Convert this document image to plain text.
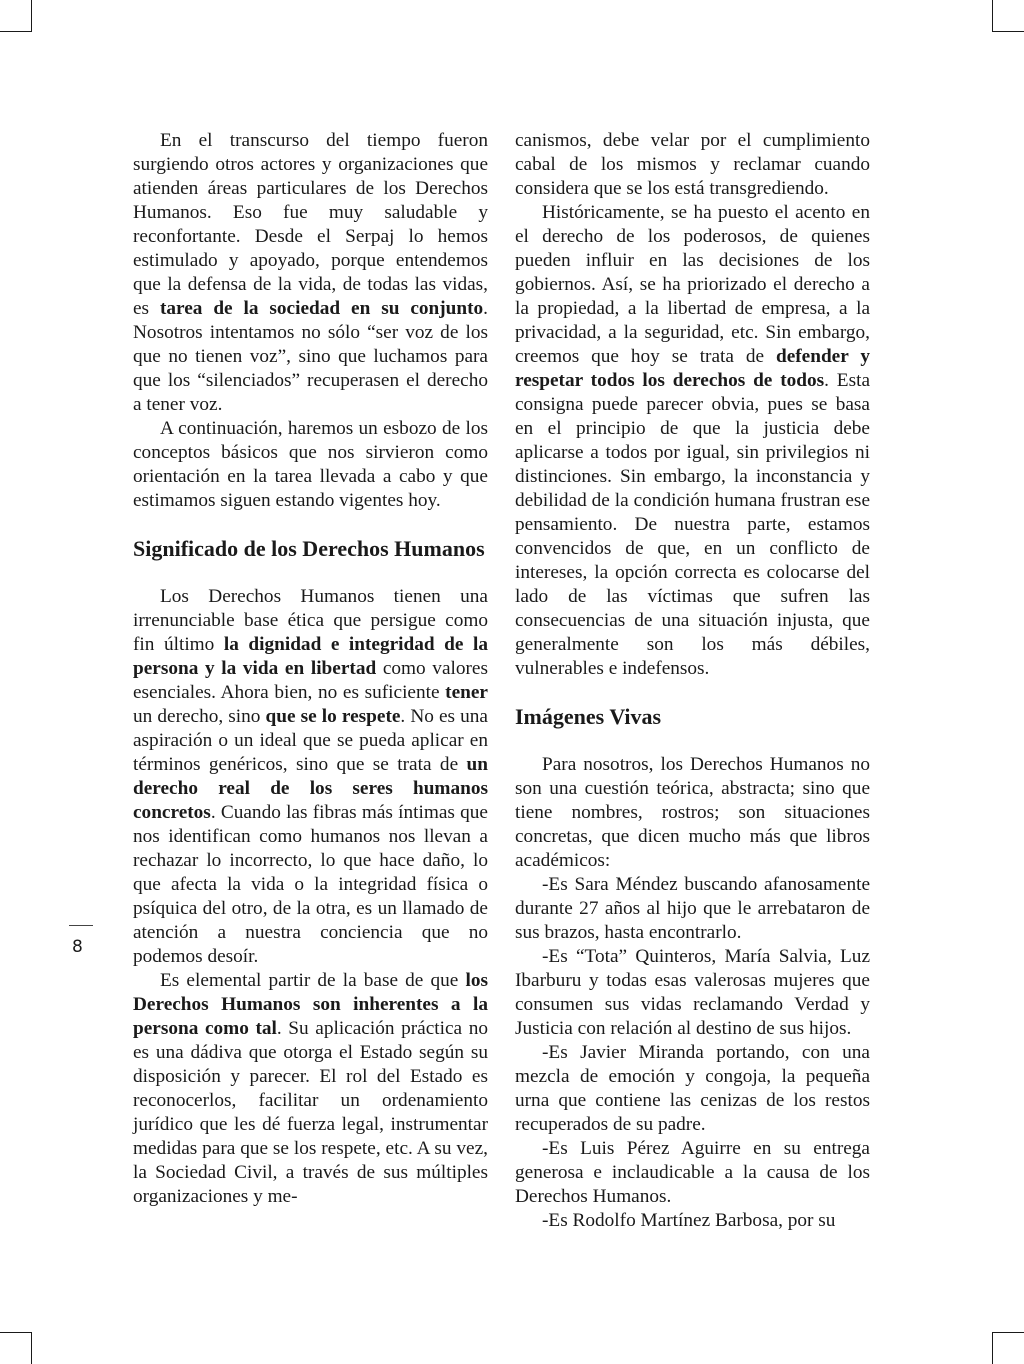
En el transcurso del tiempo fueron surgiendo otros actores y organizaciones que atienden áreas particulares de los Derechos Humanos. Eso fue muy saludable y reconfortante. Desde el Serpaj lo hemos estimulado y apoyado, porque entendemos que la defensa de la vida, de todas las vidas, es tarea de la sociedad en su conjunto. Nosotros intentamos no sólo “ser voz de los que no tienen voz”, sino que luchamos para que los “silenciados” recuperasen el derecho a tener voz.

A continuación, haremos un esbozo de los conceptos básicos que nos sirvieron como orientación en la tarea llevada a cabo y que estimamos siguen estando vigentes hoy.

Significado de los Derechos Humanos

Los Derechos Humanos tienen una irrenunciable base ética que persigue como fin último la dignidad e integridad de la persona y la vida en libertad como valores esenciales. Ahora bien, no es suficiente tener un derecho, sino que se lo respete. No es una aspiración o un ideal que se pueda aplicar en términos genéricos, sino que se trata de un derecho real de los seres humanos concretos. Cuando las fibras más íntimas que nos identifican como humanos nos llevan a rechazar lo incorrecto, lo que hace daño, lo que afecta la vida o la integridad física o psíquica del otro, de la otra, es un llamado de atención a nuestra conciencia que no podemos desoír.

Es elemental partir de la base de que los Derechos Humanos son inherentes a la persona como tal. Su aplicación práctica no es una dádiva que otorga el Estado según su disposición y parecer. El rol del Estado es reconocerlos, facilitar un ordenamiento jurídico que les dé fuerza legal, instrumentar medidas para que se los respete, etc. A su vez, la Sociedad Civil, a través de sus múltiples organizaciones y me-

canismos, debe velar por el cumplimiento cabal de los mismos y reclamar cuando considera que se los está transgrediendo.

Históricamente, se ha puesto el acento en el derecho de los poderosos, de quienes pueden influir en las decisiones de los gobiernos. Así, se ha priorizado el derecho a la propiedad, a la libertad de empresa, a la privacidad, a la seguridad, etc. Sin embargo, creemos que hoy se trata de defender y respetar todos los derechos de todos. Esta consigna puede parecer obvia, pues se basa en el principio de que la justicia debe aplicarse a todos por igual, sin privilegios ni distinciones. Sin embargo, la inconstancia y debilidad de la condición humana frustran ese pensamiento. De nuestra parte, estamos convencidos de que, en un conflicto de intereses, la opción correcta es colocarse del lado de las víctimas que sufren las consecuencias de una situación injusta, que generalmente son los más débiles, vulnerables e indefensos.

Imágenes Vivas

Para nosotros, los Derechos Humanos no son una cuestión teórica, abstracta; sino que tiene nombres, rostros; son situaciones concretas, que dicen mucho más que libros académicos:

-Es Sara Méndez buscando afanosamente durante 27 años al hijo que le arrebataron de sus brazos, hasta encontrarlo.

-Es “Tota” Quinteros, María Salvia, Luz Ibarburu y todas esas valerosas mujeres que consumen sus vidas reclamando Verdad y Justicia con relación al destino de sus hijos.

-Es Javier Miranda portando, con una mezcla de emoción y congoja, la pequeña urna que contiene las cenizas de los restos recuperados de su padre.

-Es Luis Pérez Aguirre en su entrega generosa e inclaudicable a la causa de los Derechos Humanos.

-Es Rodolfo Martínez Barbosa, por su

8
